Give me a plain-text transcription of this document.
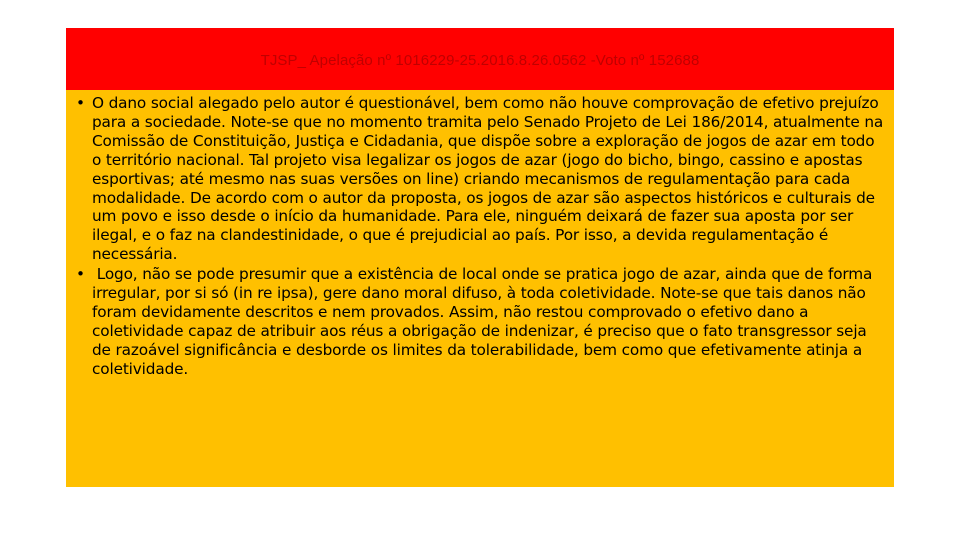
TJSP_ Apelação nº 1016229-25.2016.8.26.0562 -Voto nº 152688

• O dano social alegado pelo autor é questionável, bem como não houve comprovação de efetivo prejuízo para a sociedade. Note-se que no momento tramita pelo Senado Projeto de Lei 186/2014, atualmente na Comissão de Constituição, Justiça e Cidadania, que dispõe sobre a exploração de jogos de azar em todo o território nacional. Tal projeto visa legalizar os jogos de azar (jogo do bicho, bingo, cassino e apostas esportivas; até mesmo nas suas versões on line) criando mecanismos de regulamentação para cada modalidade. De acordo com o autor da proposta, os jogos de azar são aspectos históricos e culturais de um povo e isso desde o início da humanidade. Para ele, ninguém deixará de fazer sua aposta por ser ilegal, e o faz na clandestinidade, o que é prejudicial ao país. Por isso, a devida regulamentação é necessária.

• Logo, não se pode presumir que a existência de local onde se pratica jogo de azar, ainda que de forma irregular, por si só (in re ipsa), gere dano moral difuso, à toda coletividade. Note-se que tais danos não foram devidamente descritos e nem provados. Assim, não restou comprovado o efetivo dano a coletividade capaz de atribuir aos réus a obrigação de indenizar, é preciso que o fato transgressor seja de razoável significância e desborde os limites da tolerabilidade, bem como que efetivamente atinja a coletividade.
